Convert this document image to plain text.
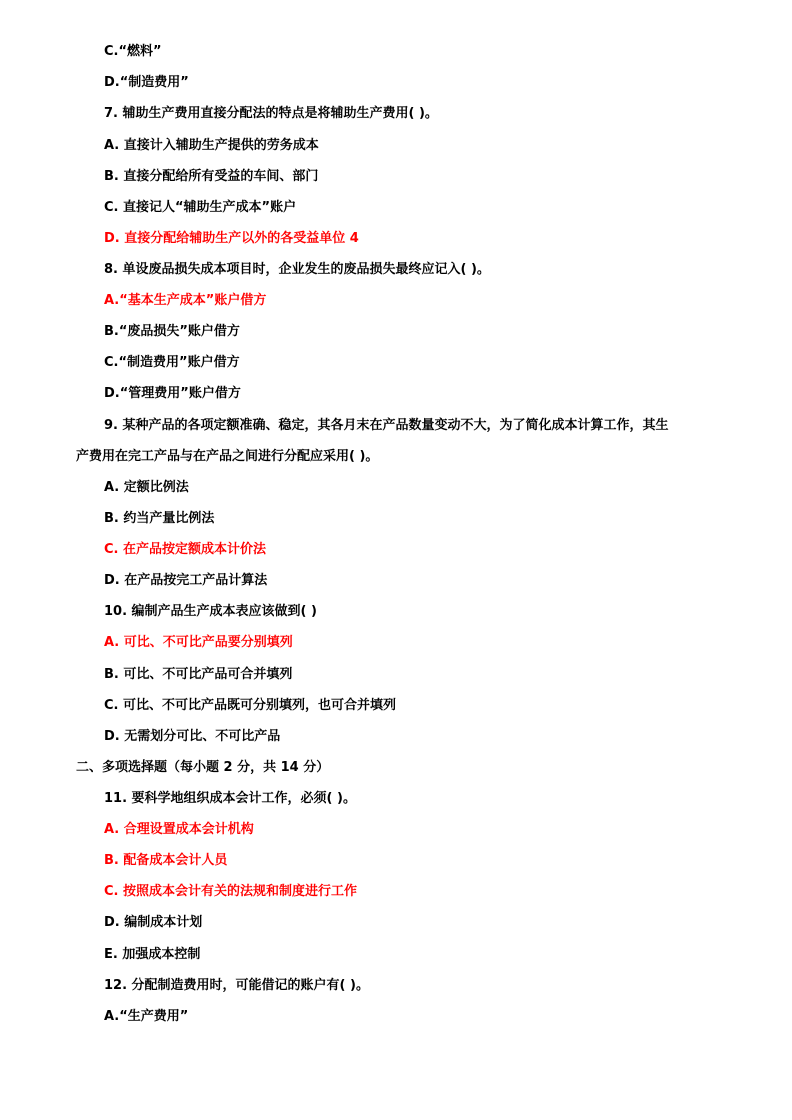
C.“燃料”
D.“制造费用”
7. 辅助生产费用直接分配法的特点是将辅助生产费用( )。
A. 直接计入辅助生产提供的劳务成本
B. 直接分配给所有受益的车间、部门
C. 直接记人“辅助生产成本”账户
D. 直接分配给辅助生产以外的各受益单位 4
8. 单设废品损失成本项目时，企业发生的废品损失最终应记入( )。
A.“基本生产成本”账户借方
B.“废品损失”账户借方
C.“制造费用”账户借方
D.“管理费用”账户借方
9. 某种产品的各项定额准确、稳定，其各月末在产品数量变动不大，为了简化成本计算工作，其生
产费用在完工产品与在产品之间进行分配应采用( )。
A. 定额比例法
B. 约当产量比例法
C. 在产品按定额成本计价法
D. 在产品按完工产品计算法
10. 编制产品生产成本表应该做到( )
A. 可比、不可比产品要分别填列
B. 可比、不可比产品可合并填列
C. 可比、不可比产品既可分别填列，也可合并填列
D. 无需划分可比、不可比产品
二、多项选择题（每小题 2 分，共 14 分）
11. 要科学地组织成本会计工作，必须( )。
A. 合理设置成本会计机构
B. 配备成本会计人员
C. 按照成本会计有关的法规和制度进行工作
D. 编制成本计划
E. 加强成本控制
12. 分配制造费用时，可能借记的账户有( )。
A.“生产费用”
